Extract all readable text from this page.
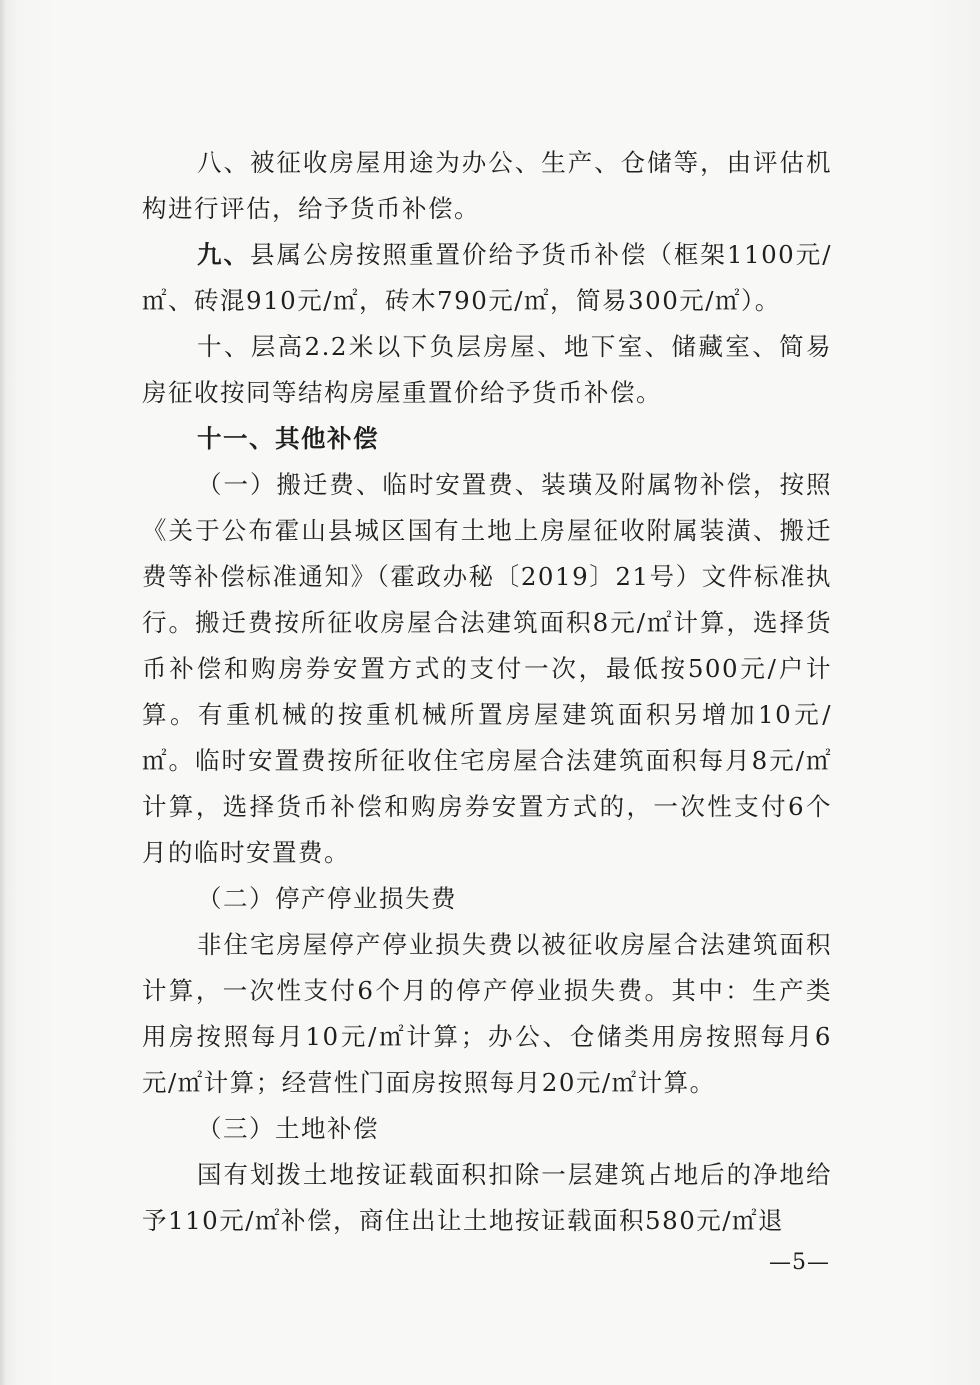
八、被征收房屋用途为办公、生产、仓储等，由评估机构进行评估，给予货币补偿。

九、县属公房按照重置价给予货币补偿（框架1100元/㎡、砖混910元/㎡，砖木790元/㎡，简易300元/㎡）。

十、层高2.2米以下负层房屋、地下室、储藏室、简易房征收按同等结构房屋重置价给予货币补偿。

十一、其他补偿

（一）搬迁费、临时安置费、装璜及附属物补偿，按照《关于公布霍山县城区国有土地上房屋征收附属装潢、搬迁费等补偿标准通知》（霍政办秘〔2019〕21号）文件标准执行。搬迁费按所征收房屋合法建筑面积8元/㎡计算，选择货币补偿和购房券安置方式的支付一次，最低按500元/户计算。有重机械的按重机械所置房屋建筑面积另增加10元/㎡。临时安置费按所征收住宅房屋合法建筑面积每月8元/㎡计算，选择货币补偿和购房券安置方式的，一次性支付6个月的临时安置费。

（二）停产停业损失费

非住宅房屋停产停业损失费以被征收房屋合法建筑面积计算，一次性支付6个月的停产停业损失费。其中：生产类用房按照每月10元/㎡计算；办公、仓储类用房按照每月6元/㎡计算；经营性门面房按照每月20元/㎡计算。

（三）土地补偿

国有划拨土地按证载面积扣除一层建筑占地后的净地给予110元/㎡补偿，商住出让土地按证载面积580元/㎡退

—5—
